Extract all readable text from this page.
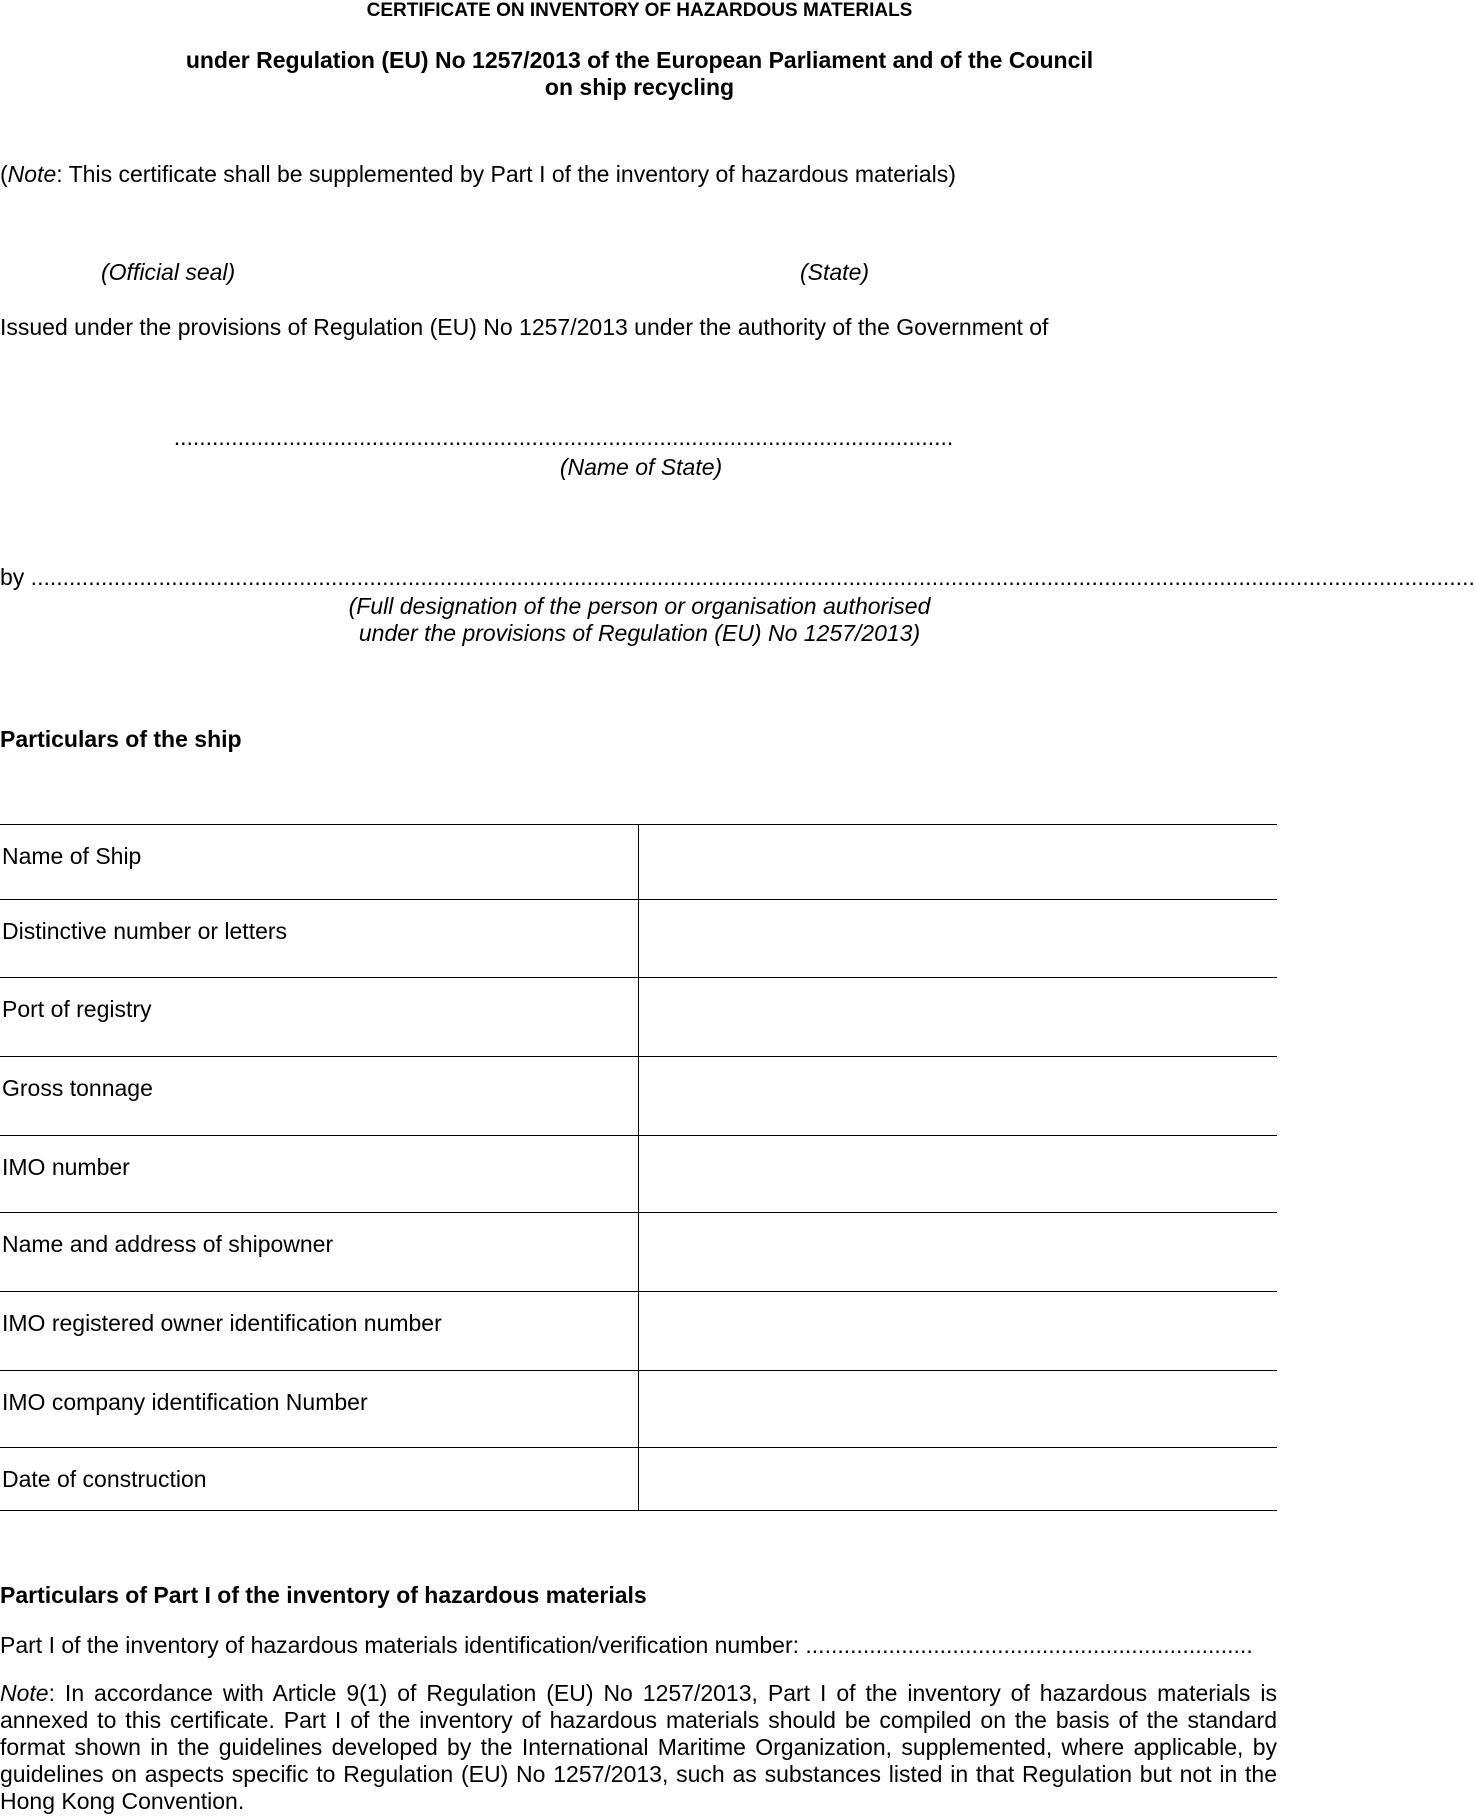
CERTIFICATE ON INVENTORY OF HAZARDOUS MATERIALS
under Regulation (EU) No 1257/2013 of the European Parliament and of the Council
on ship recycling
(Note: This certificate shall be supplemented by Part I of the inventory of hazardous materials)
(Official seal)	(State)
Issued under the provisions of Regulation (EU) No 1257/2013 under the authority of the Government of
..........................................................................................................................
(Name of State)
by ..................................................................................................................................................................................................................................
(Full designation of the person or organisation authorised
under the provisions of Regulation (EU) No 1257/2013)
Particulars of the ship
Name of Ship	
Distinctive number or letters	
Port of registry	
Gross tonnage	
IMO number	
Name and address of shipowner	
IMO registered owner identification number	
IMO company identification Number	
Date of construction	
Particulars of Part I of the inventory of hazardous materials
Part I of the inventory of hazardous materials identification/verification number: ......................................................................
Note: In accordance with Article 9(1) of Regulation (EU) No 1257/2013, Part I of the inventory of hazardous materials is annexed to this certificate. Part I of the inventory of hazardous materials should be compiled on the basis of the standard format shown in the guidelines developed by the International Maritime Organization, supplemented, where applicable, by guidelines on aspects specific to Regulation (EU) No 1257/2013, such as substances listed in that Regulation but not in the Hong Kong Convention.
